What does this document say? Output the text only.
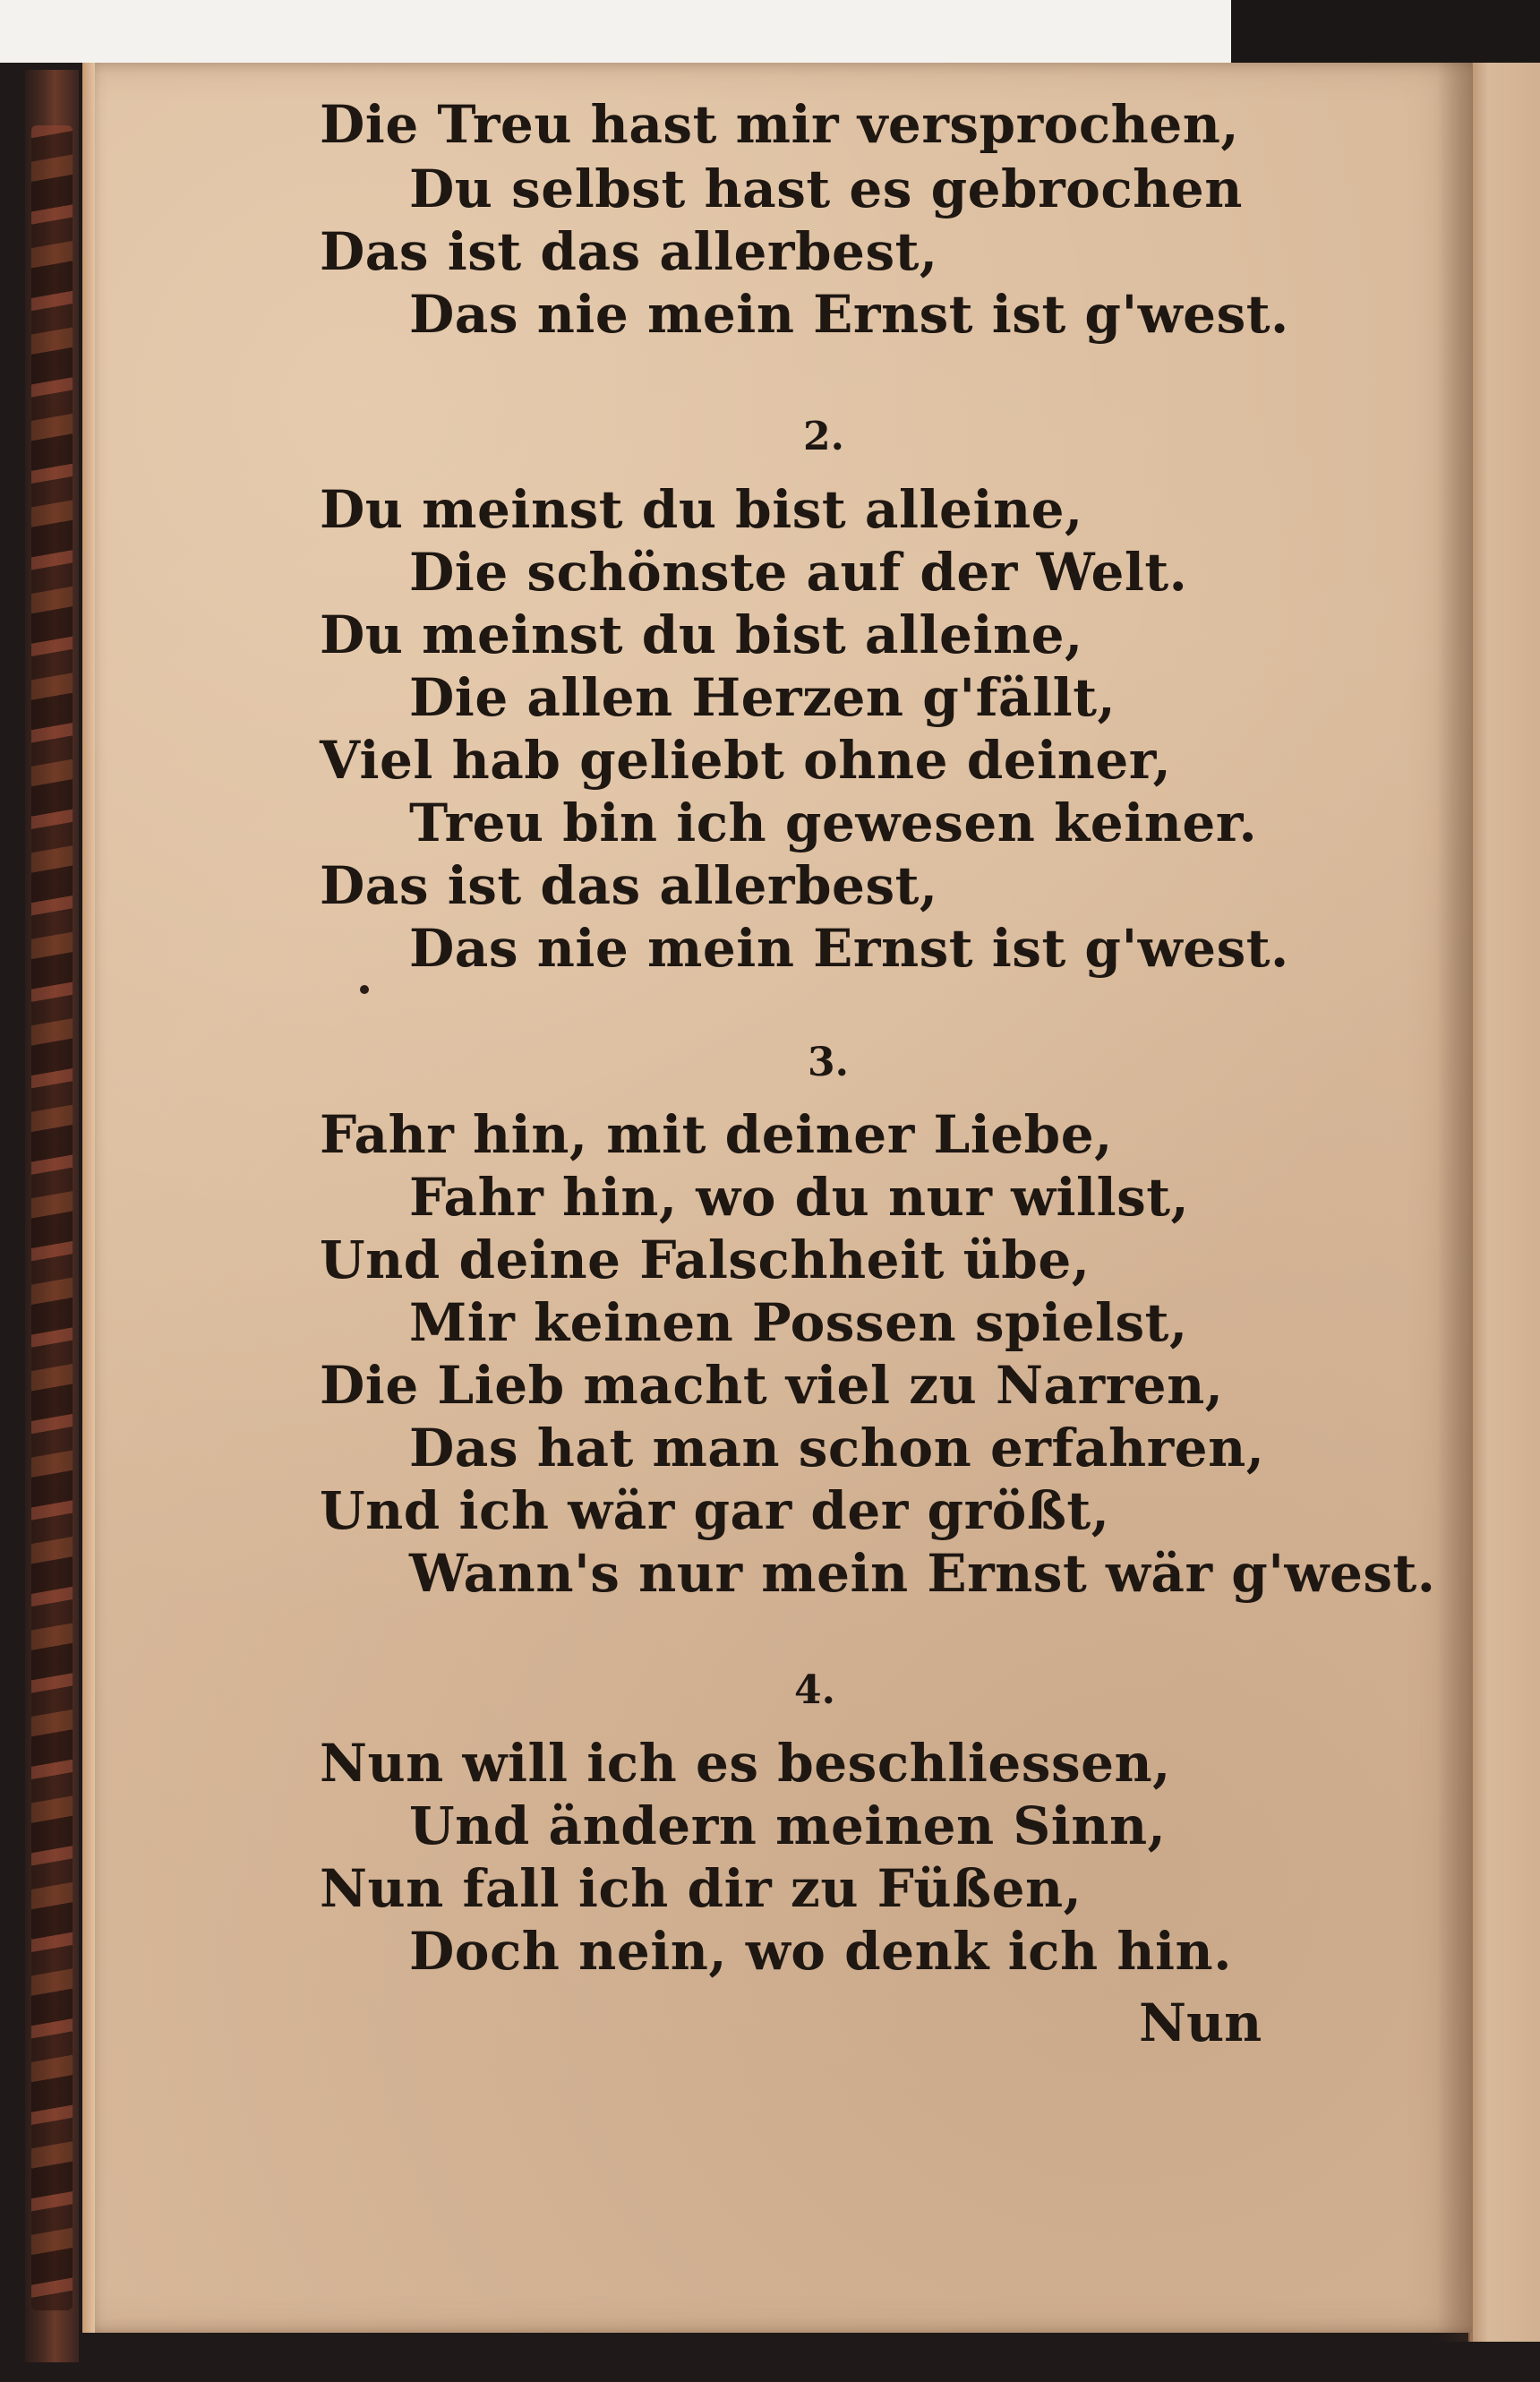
Die Treu hast mir versprochen,
Du selbst hast es gebrochen
Das ist das allerbest,
Das nie mein Ernst ist g'west.
2.
Du meinst du bist alleine,
Die schönste auf der Welt.
Du meinst du bist alleine,
Die allen Herzen g'fällt,
Viel hab geliebt ohne deiner,
Treu bin ich gewesen keiner.
Das ist das allerbest,
Das nie mein Ernst ist g'west.
3.
Fahr hin, mit deiner Liebe,
Fahr hin, wo du nur willst,
Und deine Falschheit übe,
Mir keinen Possen spielst,
Die Lieb macht viel zu Narren,
Das hat man schon erfahren,
Und ich wär gar der größt,
Wann's nur mein Ernst wär g'west.
4.
Nun will ich es beschliessen,
Und ändern meinen Sinn,
Nun fall ich dir zu Füßen,
Doch nein, wo denk ich hin.
Nun
